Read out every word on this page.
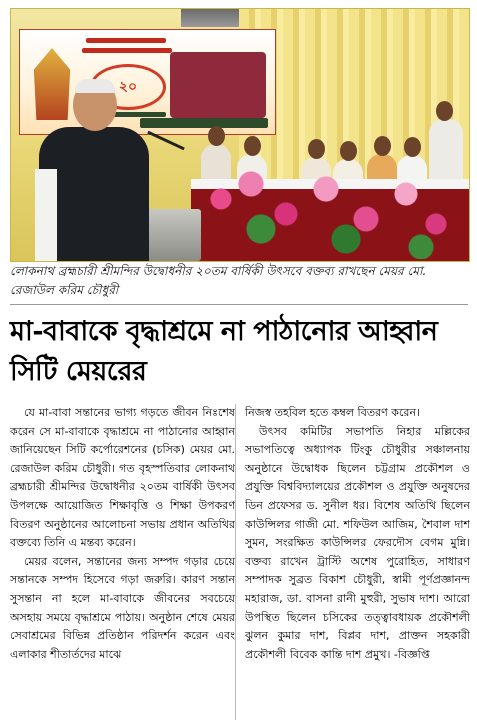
২০

লোকনাথ ব্রহ্মচারী শ্রীমন্দির উদ্বোধনীর ২০তম বার্ষিকী উৎসবে বক্তব্য রাখছেন মেয়র মো. রেজাউল করিম চৌধুরী

মা-বাবাকে বৃদ্ধাশ্রমে না পাঠানোর আহ্বান সিটি মেয়রের

যে মা-বাবা সন্তানের ভাগ্য গড়তে জীবন নিঃশেষ করেন সে মা-বাবাকে বৃদ্ধাশ্রমে না পাঠানোর আহ্বান জানিয়েছেন সিটি কর্পোরেশনের (চসিক) মেয়র মো. রেজাউল করিম চৌধুরী। গত বৃহস্পতিবার লোকনাথ ব্রহ্মচারী শ্রীমন্দির উদ্বোধনীর ২০তম বার্ষিকী উৎসব উপলক্ষে আয়োজিত শিক্ষাবৃত্তি ও শিক্ষা উপকরণ বিতরণ অনুষ্ঠানের আলোচনা সভায় প্রধান অতিথির বক্তব্যে তিনি এ মন্তব্য করেন।

মেয়র বলেন, সন্তানের জন্য সম্পদ গড়ার চেয়ে সন্তানকে সম্পদ হিসেবে গড়া জরুরি। কারণ সন্তান সুসন্তান না হলে মা-বাবাকে জীবনের সবচেয়ে অসহায় সময়ে বৃদ্ধাশ্রমে পাঠায়। অনুষ্ঠান শেষে মেয়র সেবাশ্রমের বিভিন্ন প্রতিষ্ঠান পরিদর্শন করেন এবং এলাকার শীতার্তদের মাঝে

নিজস্ব তহবিল হতে কম্বল বিতরণ করেন।

উৎসব কমিটির সভাপতি নিহার মল্লিকের সভাপতিত্বে অধ্যাপক টিংকু চৌধুরীর সঞ্চালনায় অনুষ্ঠানে উদ্বোধক ছিলেন চট্টগ্রাম প্রকৌশল ও প্রযুক্তি বিশ্ববিদ্যালয়ের প্রকৌশল ও প্রযুক্তি অনুষদের ডিন প্রফেসর ড. সুনীল ধর। বিশেষ অতিথি ছিলেন কাউন্সিলর গাজী মো. শফিউল আজিম, শৈবাল দাশ সুমন, সংরক্ষিত কাউন্সিলর ফেরদৌস বেগম মুন্নি। বক্তব্য রাখেন ট্রাস্টি অশেষ পুরোহিত, সাধারণ সম্পাদক সুব্রত বিকাশ চৌধুরী, স্বামী পূর্ণপ্রজ্ঞানন্দ মহারাজ, ডা. বাসনা রানী মুহুরী, সুভাষ দাশ। আরো উপস্থিত ছিলেন চসিকের তত্ত্বাবধায়ক প্রকৌশলী ঝুলন কুমার দাশ, বিপ্লব দাশ, প্রাক্তন সহকারী প্রকৌশলী বিবেক কান্তি দাশ প্রমুখ। -বিজ্ঞপ্তি
